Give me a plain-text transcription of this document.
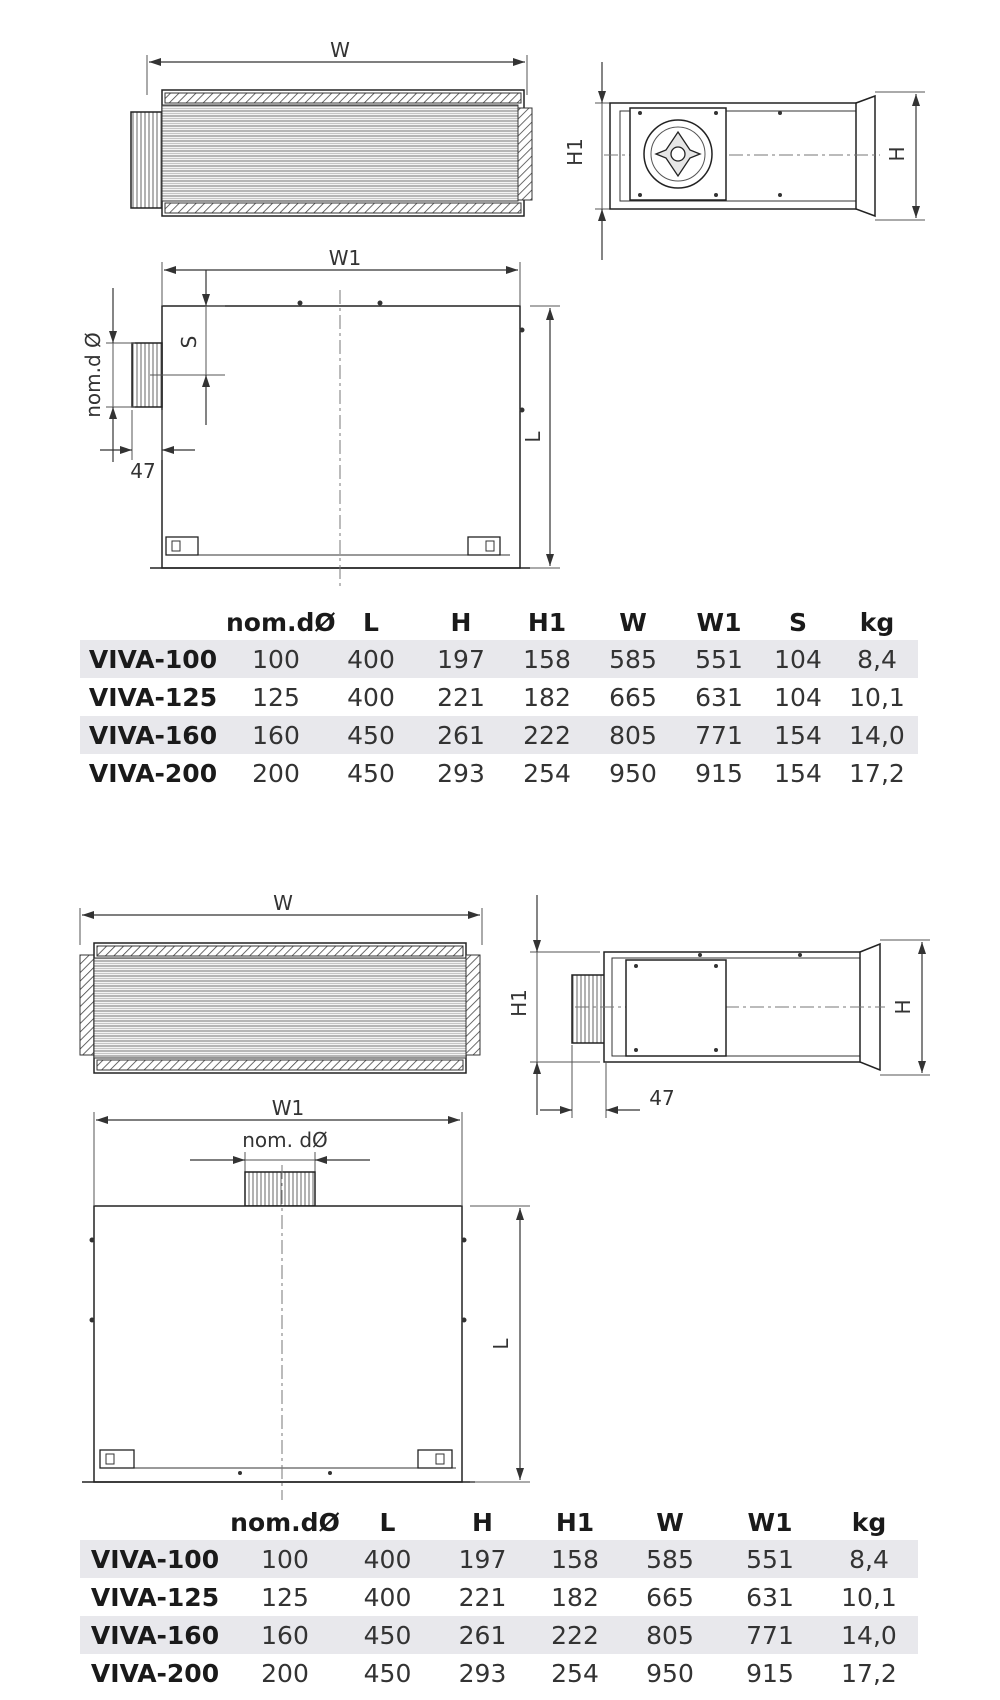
W
H1	H
W1
S
nom.d Ø
47
L
W
H1	H
47
W1
nom. dØ
L
	nom.dØ	L	H	H1	W	W1	S	kg
VIVA-100	100	400	197	158	585	551	104	8,4
VIVA-125	125	400	221	182	665	631	104	10,1
VIVA-160	160	450	261	222	805	771	154	14,0
VIVA-200	200	450	293	254	950	915	154	17,2
	nom.dØ	L	H	H1	W	W1	kg
VIVA-100	100	400	197	158	585	551	8,4
VIVA-125	125	400	221	182	665	631	10,1
VIVA-160	160	450	261	222	805	771	14,0
VIVA-200	200	450	293	254	950	915	17,2
